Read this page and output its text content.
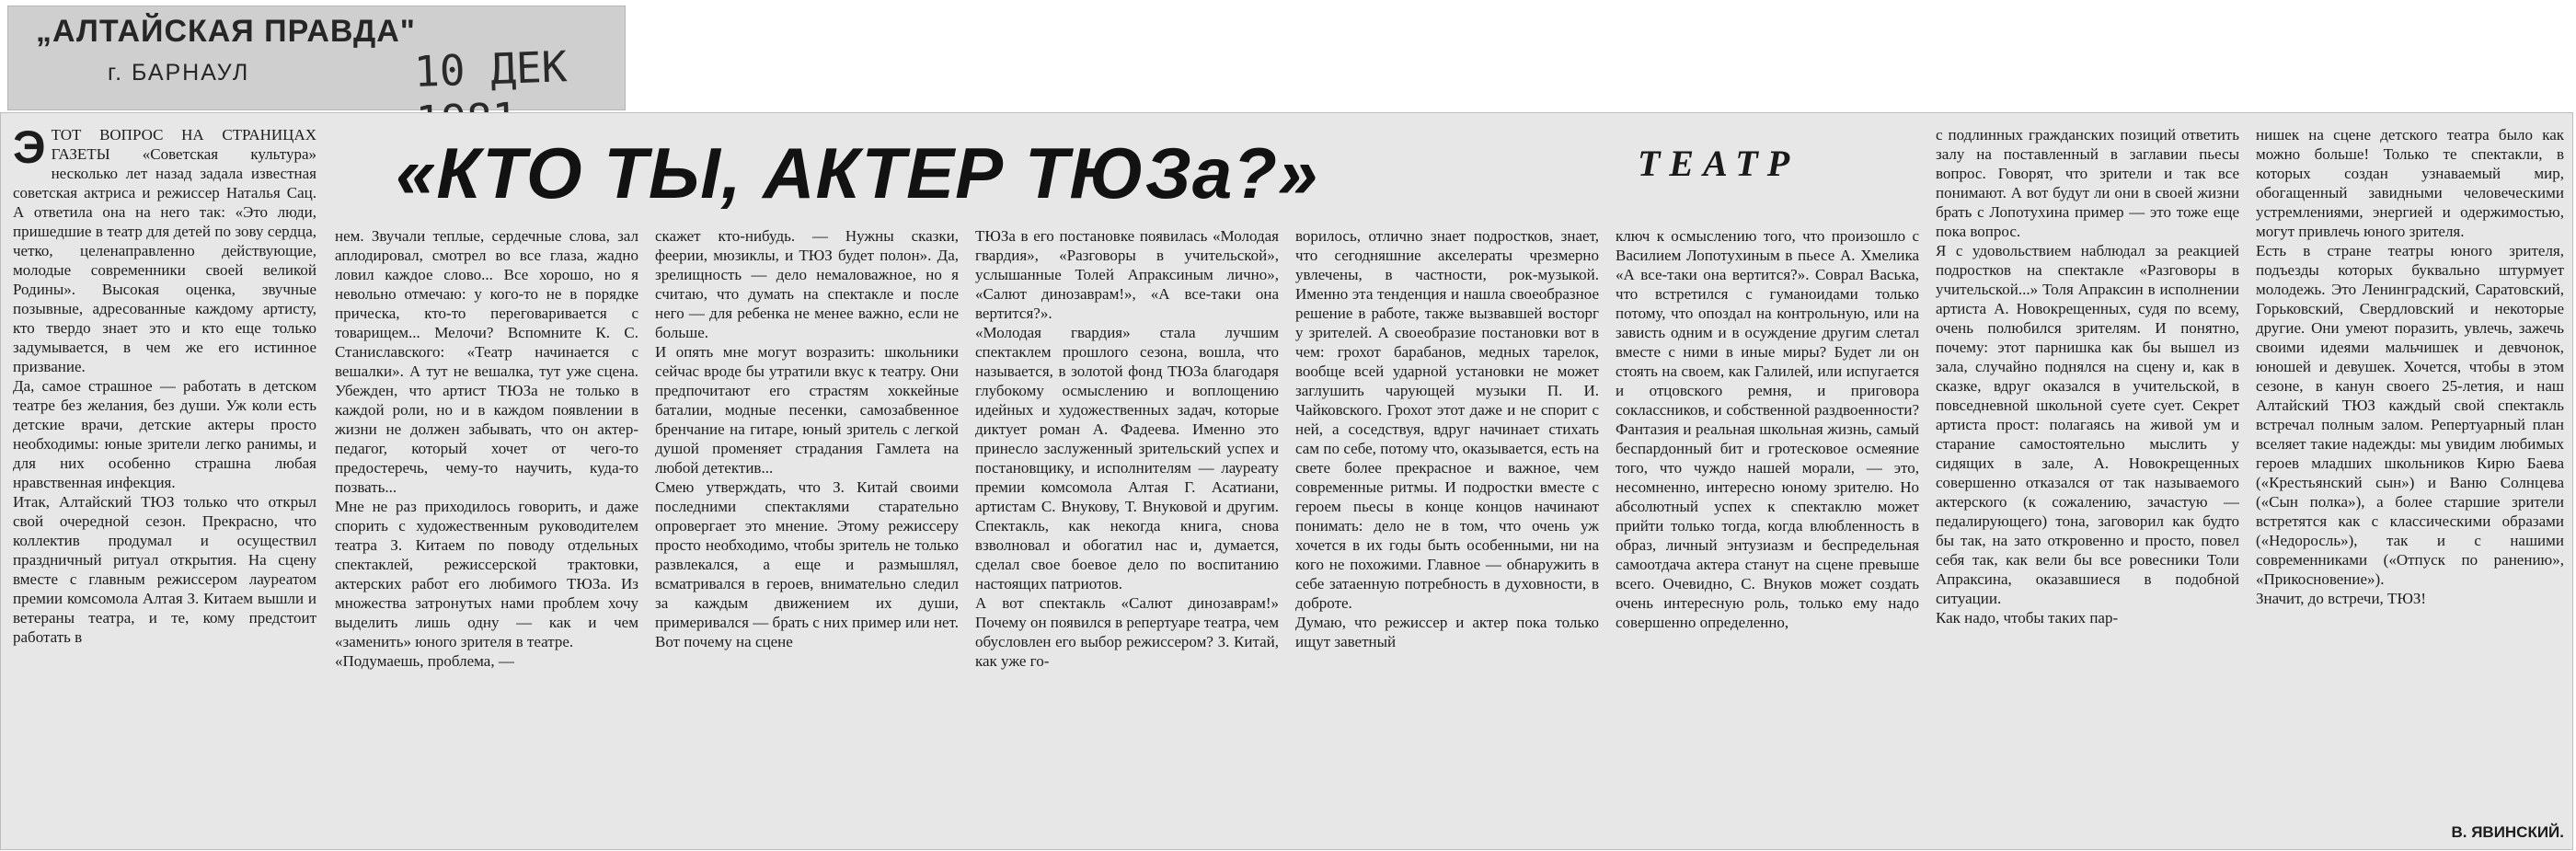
„АЛТАЙСКАЯ ПРАВДА"
г. БАРНАУЛ	10 ДЕК
«КТО ТЫ, АКТЕР ТЮЗа?»	ТЕАТР
ЭТОТ ВОПРОС НА СТРАНИЦАХ ГАЗЕТЫ «Советская культура» несколько лет назад задала известная советская актриса и режиссер Наталья Сац. А ответила она на него так: «Это люди, пришедшие в театр для детей по зову сердца, четко, целенаправленно действующие, молодые современники своей великой Родины». Высокая оценка, звучные позывные, адресованные каждому артисту, кто твердо знает это и кто еще только задумывается, в чем же его истинное призвание.
Да, самое страшное — работать в детском театре без желания, без души. Уж коли есть детские врачи, детские актеры просто необходимы: юные зрители легко ранимы, и для них особенно страшна любая нравственная инфекция.
Итак, Алтайский ТЮЗ только что открыл свой очередной сезон. Прекрасно, что коллектив продумал и осуществил праздничный ритуал открытия. На сцену вместе с главным режиссером лауреатом премии комсомола Алтая З. Китаем вышли и ветераны театра, и те, кому предстоит работать в
нем. Звучали теплые, сердечные слова, зал аплодировал, смотрел во все глаза, жадно ловил каждое слово... Все хорошо, но я невольно отмечаю: у кого-то не в порядке прическа, кто-то переговаривается с товарищем... Мелочи? Вспомните К. С. Станиславского: «Театр начинается с вешалки». А тут не вешалка, тут уже сцена. Убежден, что артист ТЮЗа не только в каждой роли, но и в каждом появлении в жизни не должен забывать, что он актер-педагог, который хочет от чего-то предостеречь, чему-то научить, куда-то позвать...
Мне не раз приходилось говорить, и даже спорить с художественным руководителем театра З. Китаем по поводу отдельных спектаклей, режиссерской трактовки, актерских работ его любимого ТЮЗа. Из множества затронутых нами проблем хочу выделить лишь одну — как и чем «заменить» юного зрителя в театре.
«Подумаешь, проблема, —
скажет кто-нибудь. — Нужны сказки, феерии, мюзиклы, и ТЮЗ будет полон». Да, зрелищность — дело немаловажное, но я считаю, что думать на спектакле и после него — для ребенка не менее важно, если не больше.
И опять мне могут возразить: школьники сейчас вроде бы утратили вкус к театру. Они предпочитают его страстям хоккейные баталии, модные песенки, самозабвенное бренчание на гитаре, юный зритель с легкой душой променяет страдания Гамлета на любой детектив...
Смею утверждать, что З. Китай своими последними спектаклями старательно опровергает это мнение. Этому режиссеру просто необходимо, чтобы зритель не только развлекался, а еще и размышлял, всматривался в героев, внимательно следил за каждым движением их души, примеривался — брать с них пример или нет. Вот почему на сцене
ТЮЗа в его постановке появилась «Молодая гвардия», «Разговоры в учительской», услышанные Толей Апраксиным лично», «Салют динозаврам!», «А все-таки она вертится?».
«Молодая гвардия» стала лучшим спектаклем прошлого сезона, вошла, что называется, в золотой фонд ТЮЗа благодаря глубокому осмыслению и воплощению идейных и художественных задач, которые диктует роман А. Фадеева. Именно это принесло заслуженный зрительский успех и постановщику, и исполнителям — лауреату премии комсомола Алтая Г. Асатиани, артистам С. Внукову, Т. Внуковой и другим. Спектакль, как некогда книга, снова взволновал и обогатил нас и, думается, сделал свое боевое дело по воспитанию настоящих патриотов.
А вот спектакль «Салют динозаврам!» Почему он появился в репертуаре театра, чем обусловлен его выбор режиссером? З. Китай, как уже го-
ворилось, отлично знает подростков, знает, что сегодняшние акселераты чрезмерно увлечены, в частности, рок-музыкой. Именно эта тенденция и нашла своеобразное решение в работе, также вызвавшей восторг у зрителей. А своеобразие постановки вот в чем: грохот барабанов, медных тарелок, вообще всей ударной установки не может заглушить чарующей музыки П. И. Чайковского. Грохот этот даже и не спорит с ней, а соседствуя, вдруг начинает стихать сам по себе, потому что, оказывается, есть на свете более прекрасное и важное, чем современные ритмы. И подростки вместе с героем пьесы в конце концов начинают понимать: дело не в том, что очень уж хочется в их годы быть особенными, ни на кого не похожими. Главное — обнаружить в себе затаенную потребность в духовности, в доброте.
Думаю, что режиссер и актер пока только ищут заветный
ключ к осмыслению того, что произошло с Василием Лопотухиным в пьесе А. Хмелика «А все-таки она вертится?». Соврал Васька, что встретился с гуманоидами только потому, что опоздал на контрольную, или на зависть одним и в осуждение другим слетал вместе с ними в иные миры? Будет ли он стоять на своем, как Галилей, или испугается и отцовского ремня, и приговора соклассников, и собственной раздвоенности? Фантазия и реальная школьная жизнь, самый беспардонный бит и гротесковое осмеяние того, что чуждо нашей морали, — это, несомненно, интересно юному зрителю. Но абсолютный успех к спектаклю может прийти только тогда, когда влюбленность в образ, личный энтузиазм и беспредельная самоотдача актера станут на сцене превыше всего. Очевидно, С. Внуков может создать очень интересную роль, только ему надо совершенно определенно,
с подлинных гражданских позиций ответить залу на поставленный в заглавии пьесы вопрос. Говорят, что зрители и так все понимают. А вот будут ли они в своей жизни брать с Лопотухина пример — это тоже еще пока вопрос.
Я с удовольствием наблюдал за реакцией подростков на спектакле «Разговоры в учительской...» Толя Апраксин в исполнении артиста А. Новокрещенных, судя по всему, очень полюбился зрителям. И понятно, почему: этот парнишка как бы вышел из зала, случайно поднялся на сцену и, как в сказке, вдруг оказался в учительской, в повседневной школьной суете сует. Секрет артиста прост: полагаясь на живой ум и старание самостоятельно мыслить у сидящих в зале, А. Новокрещенных совершенно отказался от так называемого актерского (к сожалению, зачастую — педалирующего) тона, заговорил как будто бы так, на зато откровенно и просто, повел себя так, как вели бы все ровесники Толи Апраксина, оказавшиеся в подобной ситуации.
Как надо, чтобы таких пар-
нишек на сцене детского театра было как можно больше! Только те спектакли, в которых создан узнаваемый мир, обогащенный завидными человеческими устремлениями, энергией и одержимостью, могут привлечь юного зрителя.
Есть в стране театры юного зрителя, подъезды которых буквально штурмует молодежь. Это Ленинградский, Саратовский, Горьковский, Свердловский и некоторые другие. Они умеют поразить, увлечь, зажечь своими идеями мальчишек и девчонок, юношей и девушек. Хочется, чтобы в этом сезоне, в канун своего 25-летия, и наш Алтайский ТЮЗ каждый свой спектакль встречал полным залом. Репертуарный план вселяет такие надежды: мы увидим любимых героев младших школьников Кирю Баева («Крестьянский сын») и Ваню Солнцева («Сын полка»), а более старшие зрители встретятся как с классическими образами («Недоросль»), так и с нашими современниками («Отпуск по ранению», «Прикосновение»).
Значит, до встречи, ТЮЗ!
В. ЯВИНСКИЙ.
